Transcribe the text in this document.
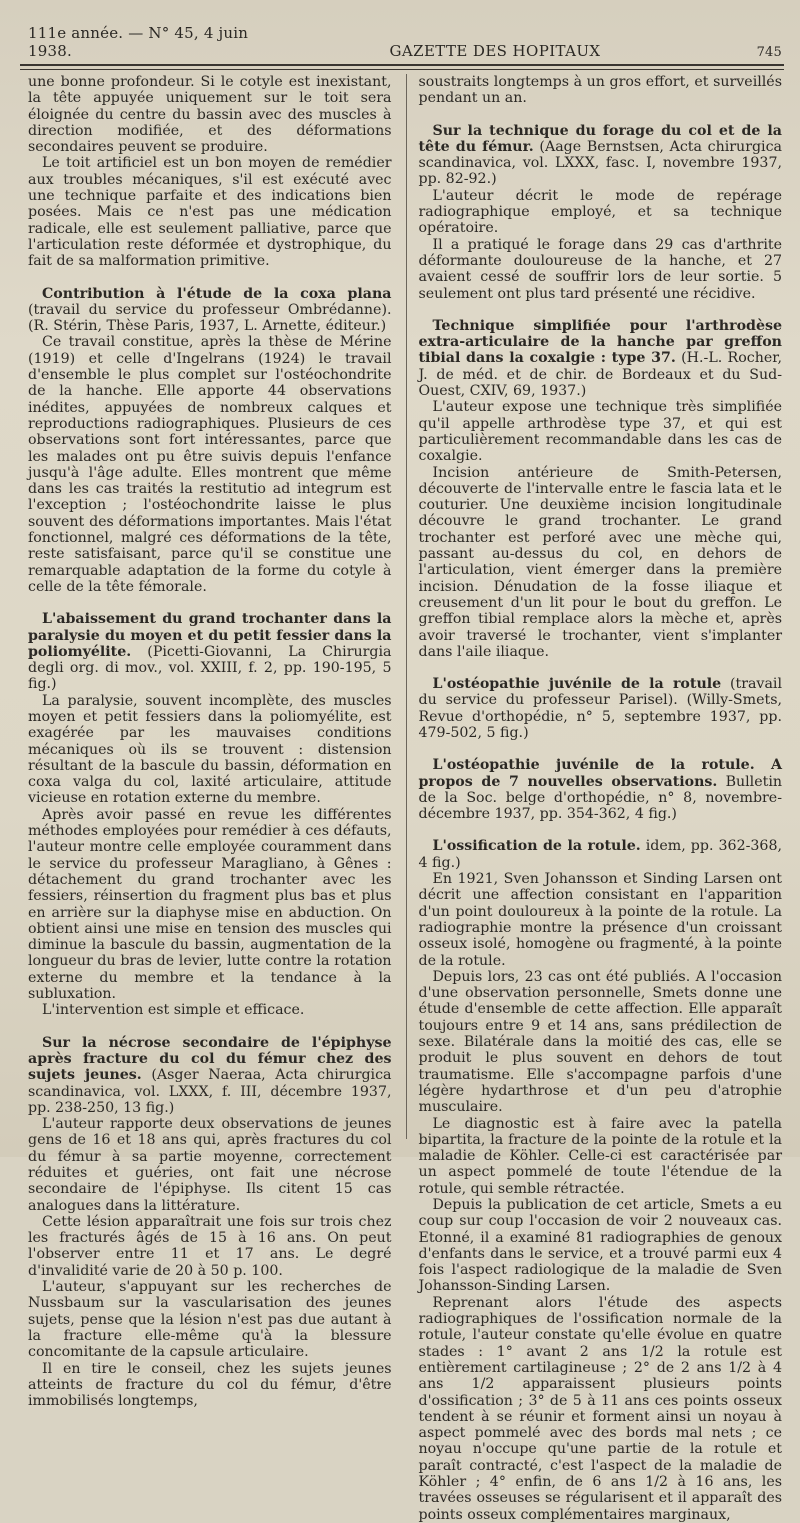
111e année. — N° 45, 4 juin 1938.	GAZETTE DES HOPITAUX	745

une bonne profondeur. Si le cotyle est inexistant, la tête appuyée uniquement sur le toit sera éloignée du centre du bassin avec des muscles à direction modifiée, et des déformations secondaires peuvent se produire.

Le toit artificiel est un bon moyen de remédier aux troubles mécaniques, s'il est exécuté avec une technique parfaite et des indications bien posées. Mais ce n'est pas une médication radicale, elle est seulement palliative, parce que l'articulation reste déformée et dystrophique, du fait de sa malformation primitive.

Contribution à l'étude de la coxa plana (travail du service du professeur Ombrédanne). (R. Stérin, Thèse Paris, 1937, L. Arnette, éditeur.)

Ce travail constitue, après la thèse de Mérine (1919) et celle d'Ingelrans (1924) le travail d'ensemble le plus complet sur l'ostéochondrite de la hanche. Elle apporte 44 observations inédites, appuyées de nombreux calques et reproductions radiographiques. Plusieurs de ces observations sont fort intéressantes, parce que les malades ont pu être suivis depuis l'enfance jusqu'à l'âge adulte. Elles montrent que même dans les cas traités la restitutio ad integrum est l'exception ; l'ostéochondrite laisse le plus souvent des déformations importantes. Mais l'état fonctionnel, malgré ces déformations de la tête, reste satisfaisant, parce qu'il se constitue une remarquable adaptation de la forme du cotyle à celle de la tête fémorale.

L'abaissement du grand trochanter dans la paralysie du moyen et du petit fessier dans la poliomyélite. (Picetti-Giovanni, La Chirurgia degli org. di mov., vol. XXIII, f. 2, pp. 190-195, 5 fig.)

La paralysie, souvent incomplète, des muscles moyen et petit fessiers dans la poliomyélite, est exagérée par les mauvaises conditions mécaniques où ils se trouvent : distension résultant de la bascule du bassin, déformation en coxa valga du col, laxité articulaire, attitude vicieuse en rotation externe du membre.

Après avoir passé en revue les différentes méthodes employées pour remédier à ces défauts, l'auteur montre celle employée couramment dans le service du professeur Maragliano, à Gênes : détachement du grand trochanter avec les fessiers, réinsertion du fragment plus bas et plus en arrière sur la diaphyse mise en abduction. On obtient ainsi une mise en tension des muscles qui diminue la bascule du bassin, augmentation de la longueur du bras de levier, lutte contre la rotation externe du membre et la tendance à la subluxation.

L'intervention est simple et efficace.

Sur la nécrose secondaire de l'épiphyse après fracture du col du fémur chez des sujets jeunes. (Asger Naeraa, Acta chirurgica scandinavica, vol. LXXX, f. III, décembre 1937, pp. 238-250, 13 fig.)

L'auteur rapporte deux observations de jeunes gens de 16 et 18 ans qui, après fractures du col du fémur à sa partie moyenne, correctement réduites et guéries, ont fait une nécrose secondaire de l'épiphyse. Ils citent 15 cas analogues dans la littérature.

Cette lésion apparaîtrait une fois sur trois chez les fracturés âgés de 15 à 16 ans. On peut l'observer entre 11 et 17 ans. Le degré d'invalidité varie de 20 à 50 p. 100.

L'auteur, s'appuyant sur les recherches de Nussbaum sur la vascularisation des jeunes sujets, pense que la lésion n'est pas due autant à la fracture elle-même qu'à la blessure concomitante de la capsule articulaire.

Il en tire le conseil, chez les sujets jeunes atteints de fracture du col du fémur, d'être immobilisés longtemps,

soustraits longtemps à un gros effort, et surveillés pendant un an.

Sur la technique du forage du col et de la tête du fémur. (Aage Bernstsen, Acta chirurgica scandinavica, vol. LXXX, fasc. I, novembre 1937, pp. 82-92.)

L'auteur décrit le mode de repérage radiographique employé, et sa technique opératoire.

Il a pratiqué le forage dans 29 cas d'arthrite déformante douloureuse de la hanche, et 27 avaient cessé de souffrir lors de leur sortie. 5 seulement ont plus tard présenté une récidive.

Technique simplifiée pour l'arthrodèse extra-articulaire de la hanche par greffon tibial dans la coxalgie : type 37. (H.-L. Rocher, J. de méd. et de chir. de Bordeaux et du Sud-Ouest, CXIV, 69, 1937.)

L'auteur expose une technique très simplifiée qu'il appelle arthrodèse type 37, et qui est particulièrement recommandable dans les cas de coxalgie.

Incision antérieure de Smith-Petersen, découverte de l'intervalle entre le fascia lata et le couturier. Une deuxième incision longitudinale découvre le grand trochanter. Le grand trochanter est perforé avec une mèche qui, passant au-dessus du col, en dehors de l'articulation, vient émerger dans la première incision. Dénudation de la fosse iliaque et creusement d'un lit pour le bout du greffon. Le greffon tibial remplace alors la mèche et, après avoir traversé le trochanter, vient s'implanter dans l'aile iliaque.

L'ostéopathie juvénile de la rotule (travail du service du professeur Parisel). (Willy-Smets, Revue d'orthopédie, n° 5, septembre 1937, pp. 479-502, 5 fig.)

L'ostéopathie juvénile de la rotule. A propos de 7 nouvelles observations. Bulletin de la Soc. belge d'orthopédie, n° 8, novembre-décembre 1937, pp. 354-362, 4 fig.)

L'ossification de la rotule. idem, pp. 362-368, 4 fig.)

En 1921, Sven Johansson et Sinding Larsen ont décrit une affection consistant en l'apparition d'un point douloureux à la pointe de la rotule. La radiographie montre la présence d'un croissant osseux isolé, homogène ou fragmenté, à la pointe de la rotule.

Depuis lors, 23 cas ont été publiés. A l'occasion d'une observation personnelle, Smets donne une étude d'ensemble de cette affection. Elle apparaît toujours entre 9 et 14 ans, sans prédilection de sexe. Bilatérale dans la moitié des cas, elle se produit le plus souvent en dehors de tout traumatisme. Elle s'accompagne parfois d'une légère hydarthrose et d'un peu d'atrophie musculaire.

Le diagnostic est à faire avec la patella bipartita, la fracture de la pointe de la rotule et la maladie de Köhler. Celle-ci est caractérisée par un aspect pommelé de toute l'étendue de la rotule, qui semble rétractée.

Depuis la publication de cet article, Smets a eu coup sur coup l'occasion de voir 2 nouveaux cas. Etonné, il a examiné 81 radiographies de genoux d'enfants dans le service, et a trouvé parmi eux 4 fois l'aspect radiologique de la maladie de Sven Johansson-Sinding Larsen.

Reprenant alors l'étude des aspects radiographiques de l'ossification normale de la rotule, l'auteur constate qu'elle évolue en quatre stades : 1° avant 2 ans 1/2 la rotule est entièrement cartilagineuse ; 2° de 2 ans 1/2 à 4 ans 1/2 apparaissent plusieurs points d'ossification ; 3° de 5 à 11 ans ces points osseux tendent à se réunir et forment ainsi un noyau à aspect pommelé avec des bords mal nets ; ce noyau n'occupe qu'une partie de la rotule et paraît contracté, c'est l'aspect de la maladie de Köhler ; 4° enfin, de 6 ans 1/2 à 16 ans, les travées osseuses se régularisent et il apparaît des points osseux complémentaires marginaux,
